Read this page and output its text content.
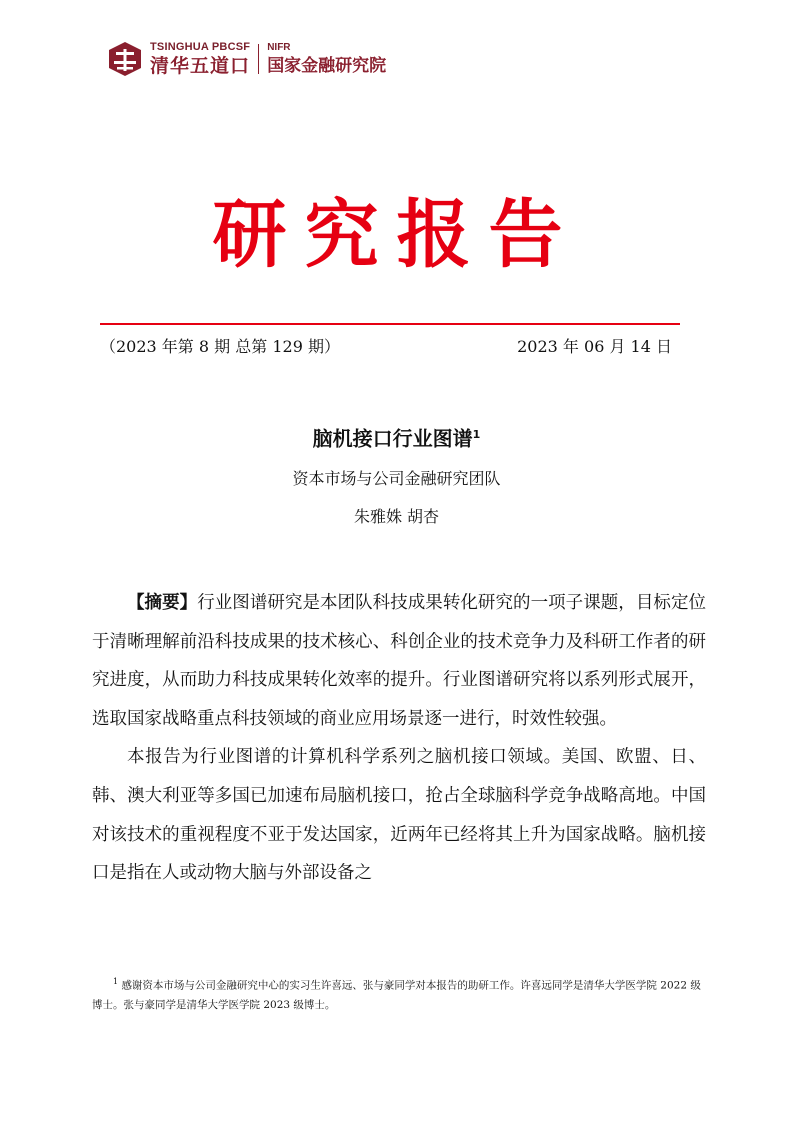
TSINGHUA PBCSF
清华五道口
NIFR
国家金融研究院
研究报告
（2023 年第 8 期 总第 129 期）	2023 年 06 月 14 日
脑机接口行业图谱$^1$
资本市场与公司金融研究团队
朱雅姝 胡杏

【摘要】行业图谱研究是本团队科技成果转化研究的一项子课题，目标定位于清晰理解前沿科技成果的技术核心、科创企业的技术竞争力及科研工作者的研究进度，从而助力科技成果转化效率的提升。行业图谱研究将以系列形式展开，选取国家战略重点科技领域的商业应用场景逐一进行，时效性较强。

本报告为行业图谱的计算机科学系列之脑机接口领域。美国、欧盟、日、韩、澳大利亚等多国已加速布局脑机接口，抢占全球脑科学竞争战略高地。中国对该技术的重视程度不亚于发达国家，近两年已经将其上升为国家战略。脑机接口是指在人或动物大脑与外部设备之

$^1$ 感谢资本市场与公司金融研究中心的实习生许喜远、张与豪同学对本报告的助研工作。许喜远同学是清华大学医学院 2022 级博士。张与豪同学是清华大学医学院 2023 级博士。
